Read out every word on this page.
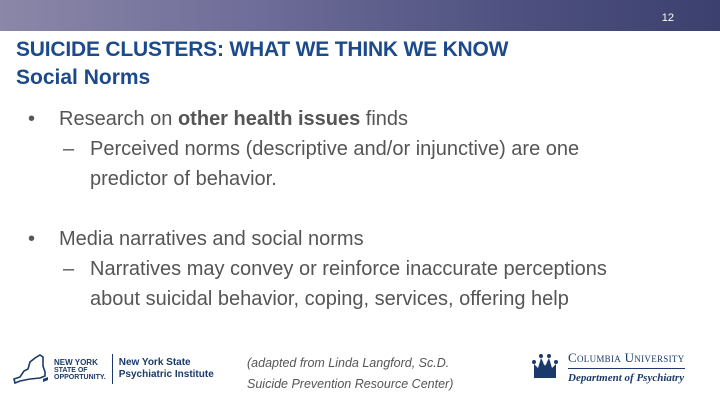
12
SUICIDE CLUSTERS: WHAT WE THINK WE KNOW
Social Norms
• Research on other health issues finds
– Perceived norms (descriptive and/or injunctive) are one
predictor of behavior.
• Media narratives and social norms
– Narratives may convey or reinforce inaccurate perceptions
about suicidal behavior, coping, services, offering help
NEW YORK
STATE OF
OPPORTUNITY.
New York State
Psychiatric Institute
(adapted from Linda Langford, Sc.D.
Suicide Prevention Resource Center)
Columbia University
Department of Psychiatry
